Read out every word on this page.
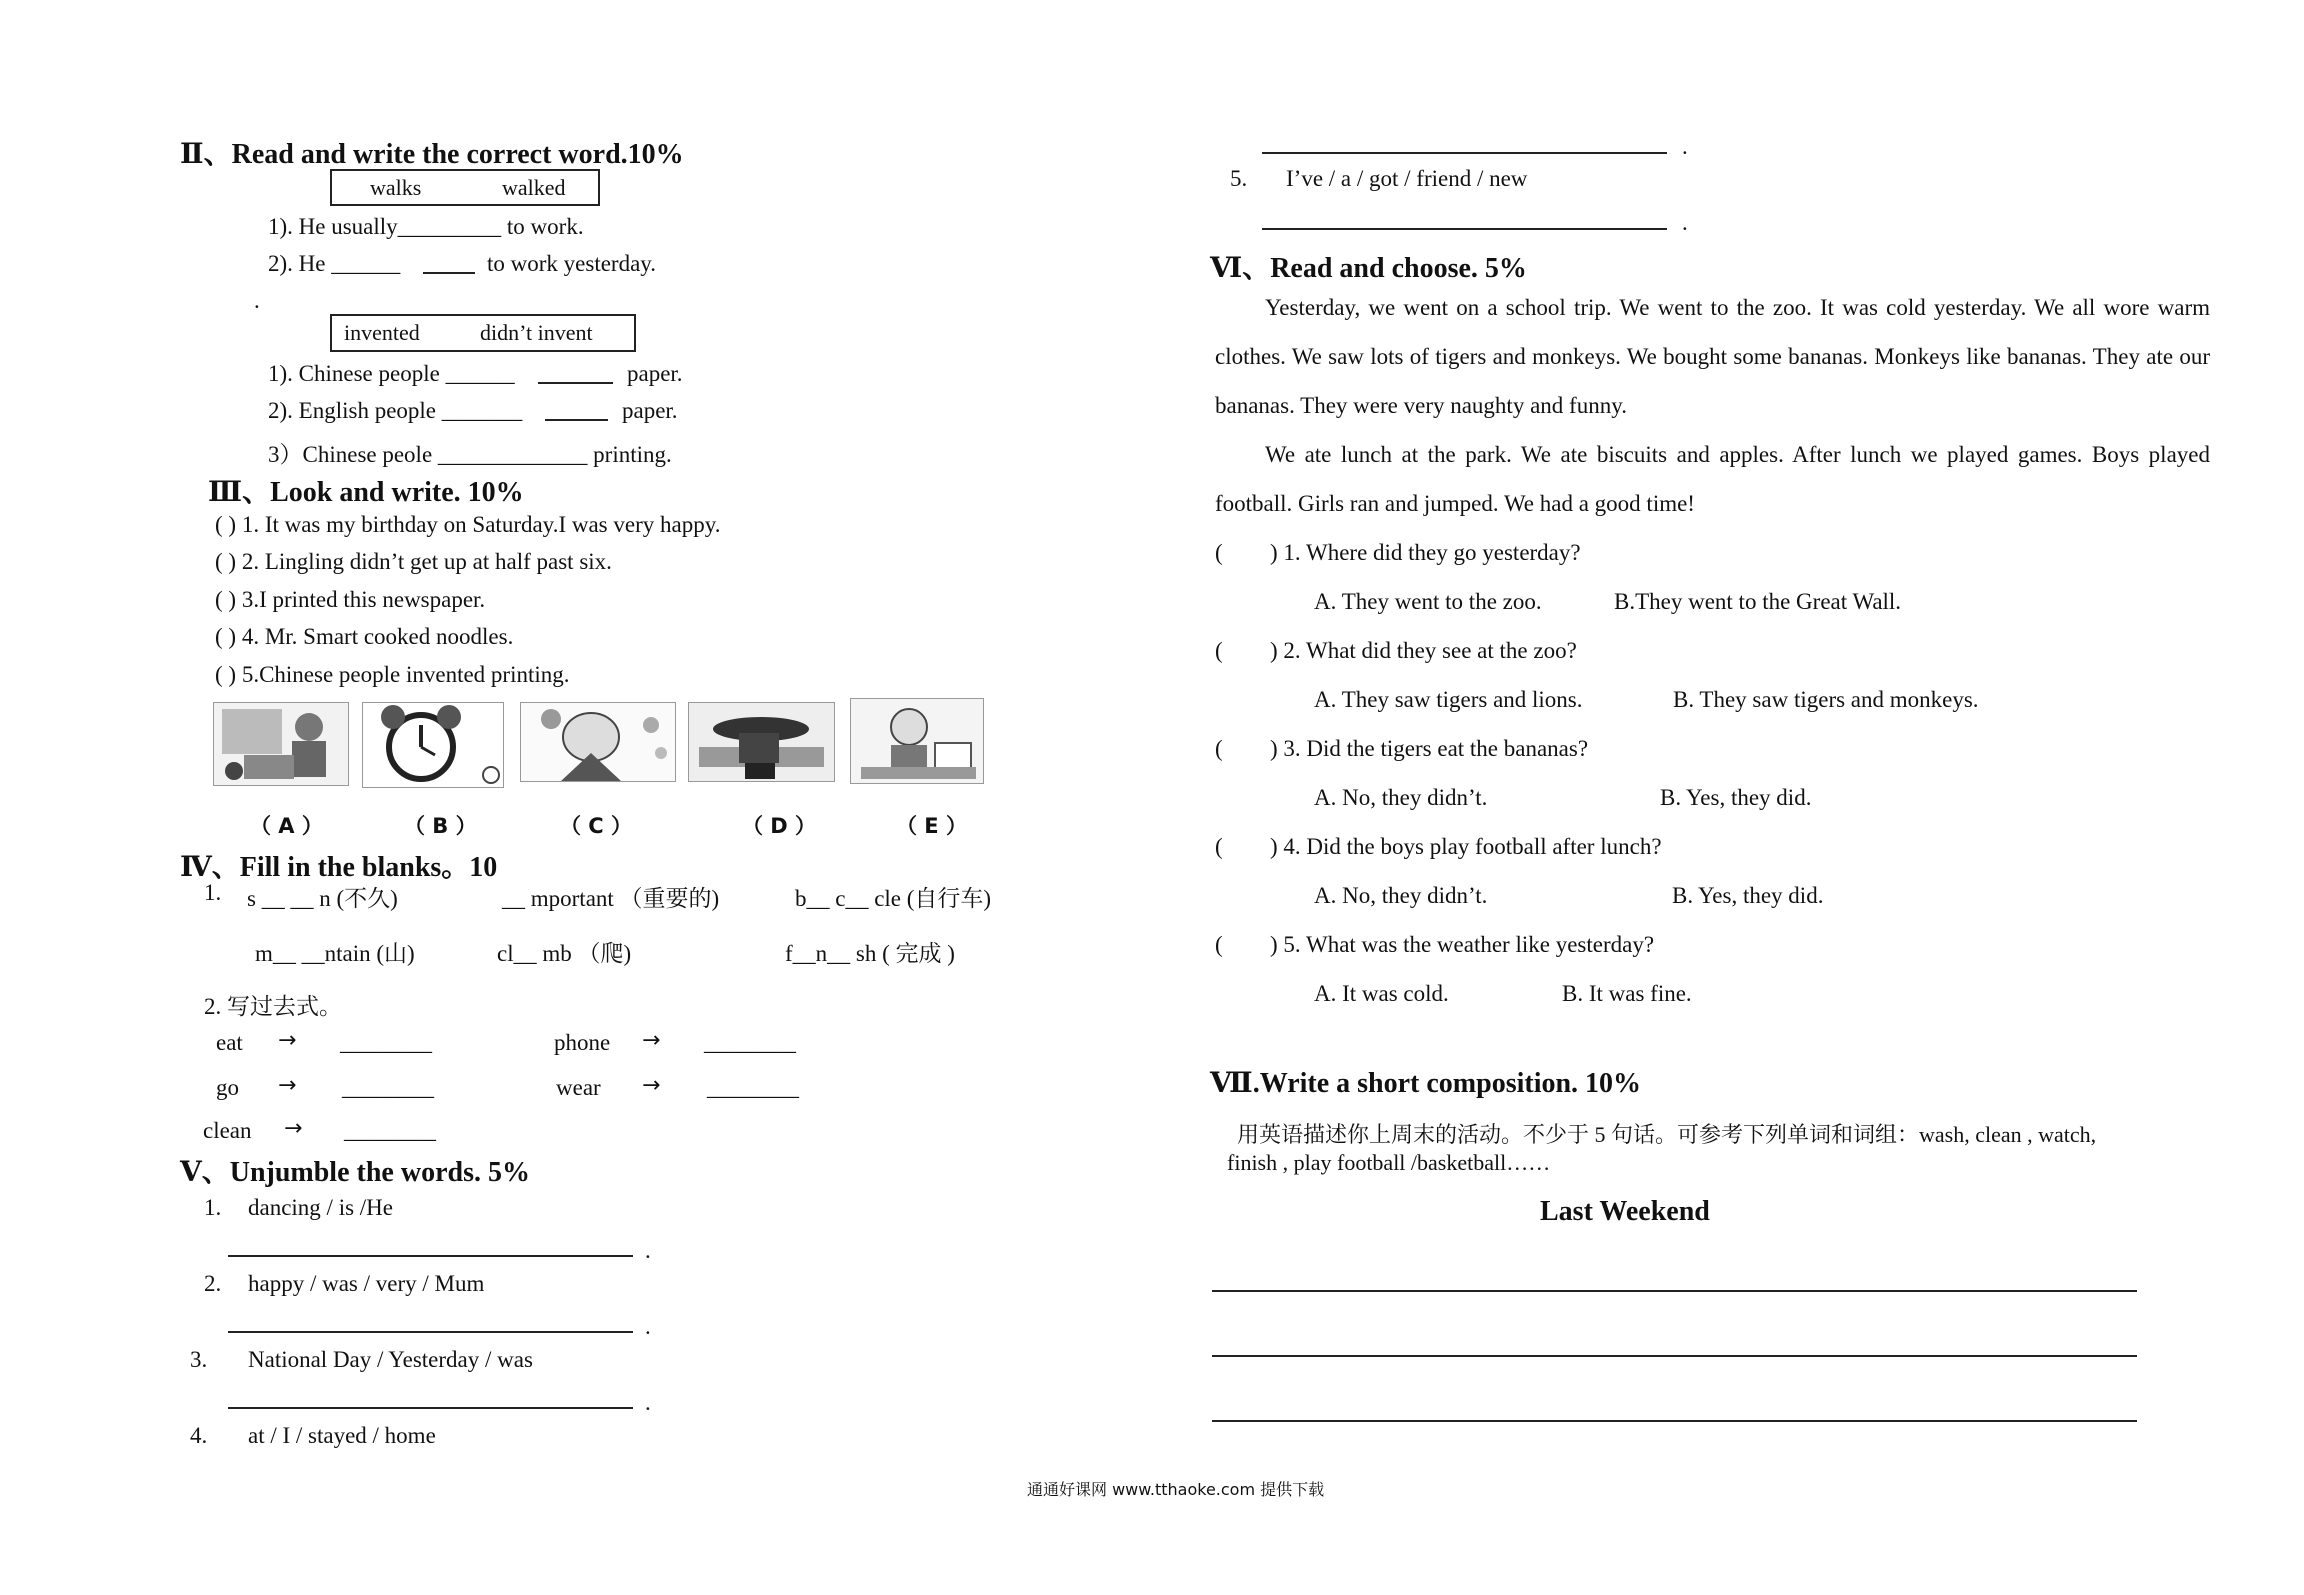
Ⅱ、Read and write the correct word.10%
walks	walked
1). He usually_________ to work.
2). He ______	to work yesterday.
.
invented	didn’t invent
1). Chinese people ______	paper.
2). English people _______	paper.
3）Chinese peole _____________ printing.
Ⅲ、Look and write. 10%
( ) 1. It was my birthday on Saturday.I was very happy.
( ) 2. Lingling didn’t get up at half past six.
( ) 3.I printed this newspaper.
( ) 4. Mr. Smart cooked noodles.
( ) 5.Chinese people invented printing.
（ A ）	（ B ）	（ C ）	（ D ）	（ E ）
Ⅳ、Fill in the blanks。10
1. s __ __ n (不久)	__ mportant （重要的)	b__ c__ cle (自行车)
m__ __ntain (山)	cl__ mb （爬)	f__n__ sh ( 完成 )
2. 写过去式。
eat → ________	phone → ________
go → ________	wear → ________
clean → ________
Ⅴ、Unjumble the words. 5%
1. dancing / is /He
.
2. happy / was / very / Mum
.
3. National Day / Yesterday / was
.
4. at / I / stayed / home
.
5. I’ve / a / got / friend / new
.
Ⅵ、Read and choose. 5%
Yesterday, we went on a school trip. We went to the zoo. It was cold yesterday. We all wore warm clothes. We saw lots of tigers and monkeys. We bought some bananas. Monkeys like bananas. They ate our bananas. They were very naughty and funny.
We ate lunch at the park. We ate biscuits and apples. After lunch we played games. Boys played football. Girls ran and jumped. We had a good time!
( ) 1. Where did they go yesterday?
A. They went to the zoo.	B.They went to the Great Wall.
( ) 2. What did they see at the zoo?
A. They saw tigers and lions.	B. They saw tigers and monkeys.
( ) 3. Did the tigers eat the bananas?
A. No, they didn’t.	B. Yes, they did.
( ) 4. Did the boys play football after lunch?
A. No, they didn’t.	B. Yes, they did.
( ) 5. What was the weather like yesterday?
A. It was cold.	B. It was fine.
Ⅶ.Write a short composition. 10%
用英语描述你上周末的活动。不少于 5 句话。可参考下列单词和词组：wash, clean , watch,
finish , play football /basketball……
Last Weekend
通通好课网 www.tthaoke.com 提供下载
